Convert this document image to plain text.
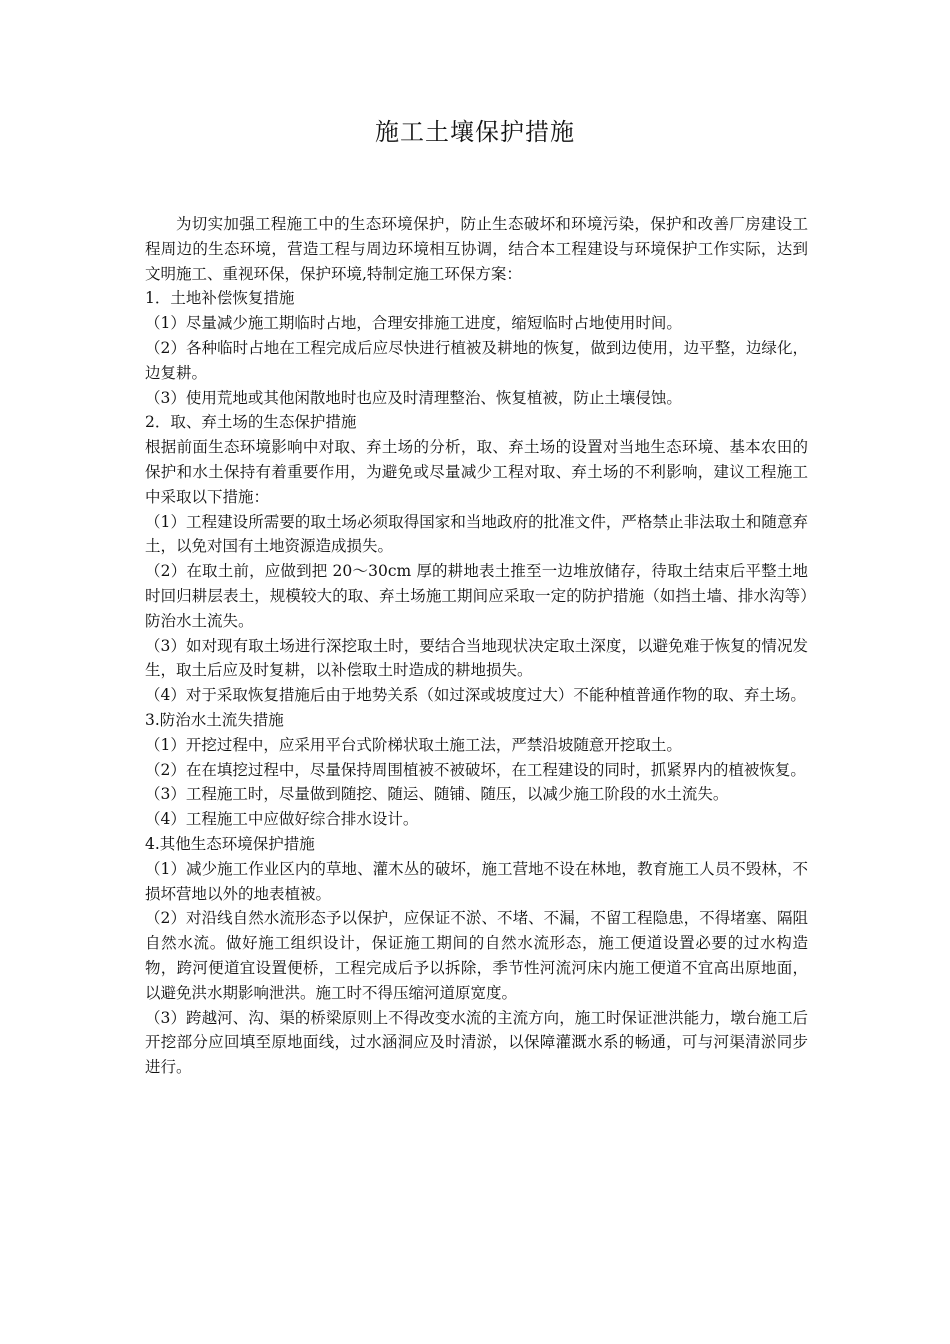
施工土壤保护措施

为切实加强工程施工中的生态环境保护，防止生态破坏和环境污染，保护和改善厂房建设工程周边的生态环境，营造工程与周边环境相互协调，结合本工程建设与环境保护工作实际，达到文明施工、重视环保，保护环境,特制定施工环保方案：

1．土地补偿恢复措施

（1）尽量减少施工期临时占地，合理安排施工进度，缩短临时占地使用时间。

（2）各种临时占地在工程完成后应尽快进行植被及耕地的恢复，做到边使用，边平整，边绿化，边复耕。

（3）使用荒地或其他闲散地时也应及时清理整治、恢复植被，防止土壤侵蚀。

2．取、弃土场的生态保护措施

根据前面生态环境影响中对取、弃土场的分析，取、弃土场的设置对当地生态环境、基本农田的保护和水土保持有着重要作用，为避免或尽量减少工程对取、弃土场的不利影响，建议工程施工中采取以下措施：

（1）工程建设所需要的取土场必须取得国家和当地政府的批准文件，严格禁止非法取土和随意弃土，以免对国有土地资源造成损失。

（2）在取土前，应做到把 20～30cm 厚的耕地表土推至一边堆放储存，待取土结束后平整土地时回归耕层表土，规模较大的取、弃土场施工期间应采取一定的防护措施（如挡土墙、排水沟等）防治水土流失。

（3）如对现有取土场进行深挖取土时，要结合当地现状决定取土深度，以避免难于恢复的情况发生，取土后应及时复耕，以补偿取土时造成的耕地损失。

（4）对于采取恢复措施后由于地势关系（如过深或坡度过大）不能种植普通作物的取、弃土场。

3.防治水土流失措施

（1）开挖过程中，应采用平台式阶梯状取土施工法，严禁沿坡随意开挖取土。

（2）在在填挖过程中，尽量保持周围植被不被破坏，在工程建设的同时，抓紧界内的植被恢复。

（3）工程施工时，尽量做到随挖、随运、随铺、随压，以减少施工阶段的水土流失。

（4）工程施工中应做好综合排水设计。

4.其他生态环境保护措施

（1）减少施工作业区内的草地、灌木丛的破坏，施工营地不设在林地，教育施工人员不毁林，不损坏营地以外的地表植被。

（2）对沿线自然水流形态予以保护，应保证不淤、不堵、不漏，不留工程隐患，不得堵塞、隔阻自然水流。做好施工组织设计，保证施工期间的自然水流形态，施工便道设置必要的过水构造物，跨河便道宜设置便桥，工程完成后予以拆除，季节性河流河床内施工便道不宜高出原地面，以避免洪水期影响泄洪。施工时不得压缩河道原宽度。

（3）跨越河、沟、渠的桥梁原则上不得改变水流的主流方向，施工时保证泄洪能力，墩台施工后开挖部分应回填至原地面线，过水涵洞应及时清淤，以保障灌溉水系的畅通，可与河渠清淤同步进行。
